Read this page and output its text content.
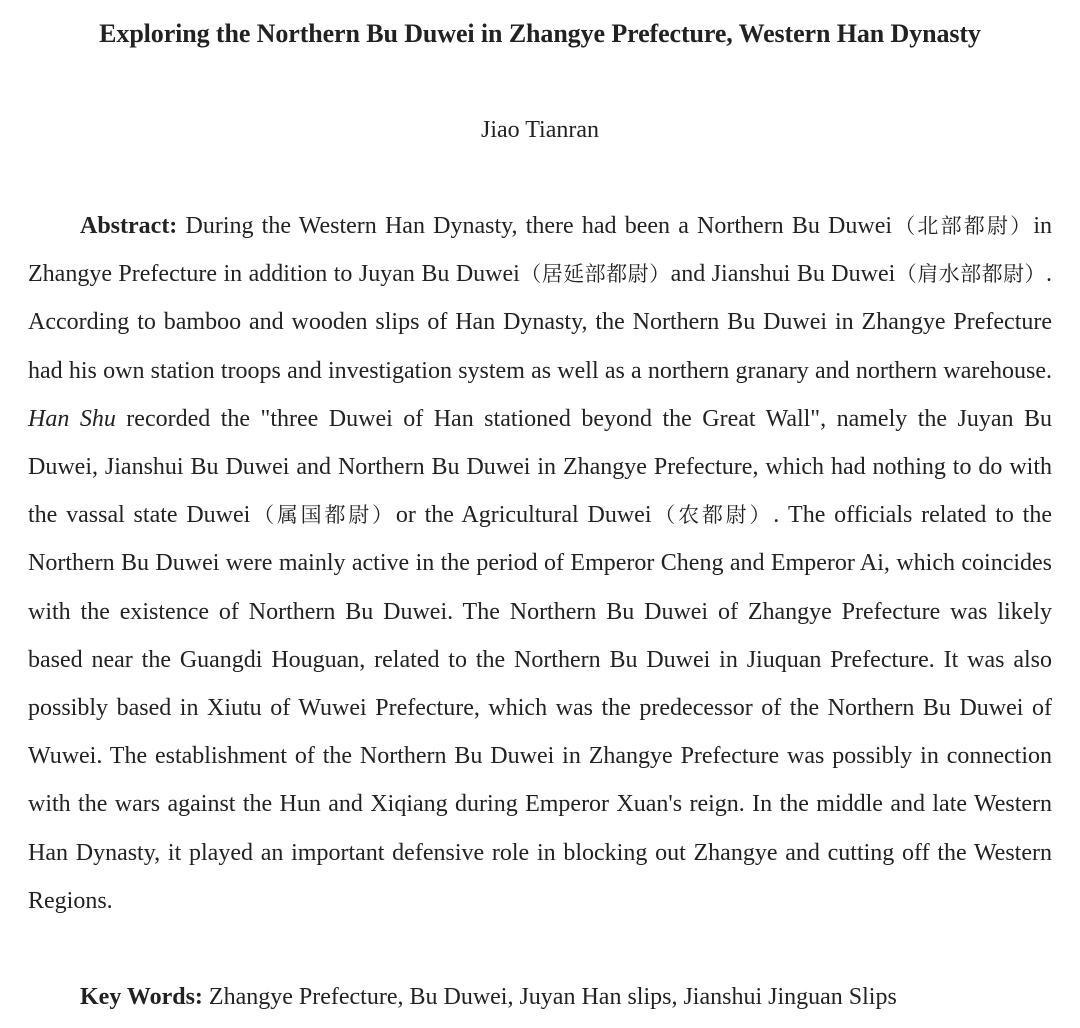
Exploring the Northern Bu Duwei in Zhangye Prefecture, Western Han Dynasty
Jiao Tianran

Abstract: During the Western Han Dynasty, there had been a Northern Bu Duwei（北部都尉）in Zhangye Prefecture in addition to Juyan Bu Duwei（居延部都尉）and Jianshui Bu Duwei（肩水部都尉）. According to bamboo and wooden slips of Han Dynasty, the Northern Bu Duwei in Zhangye Prefecture had his own station troops and investigation system as well as a northern granary and northern warehouse. Han Shu recorded the "three Duwei of Han stationed beyond the Great Wall", namely the Juyan Bu Duwei, Jianshui Bu Duwei and Northern Bu Duwei in Zhangye Prefecture, which had nothing to do with the vassal state Duwei（属国都尉）or the Agricultural Duwei（农都尉）. The officials related to the Northern Bu Duwei were mainly active in the period of Emperor Cheng and Emperor Ai, which coincides with the existence of Northern Bu Duwei. The Northern Bu Duwei of Zhangye Prefecture was likely based near the Guangdi Houguan, related to the Northern Bu Duwei in Jiuquan Prefecture. It was also possibly based in Xiutu of Wuwei Prefecture, which was the predecessor of the Northern Bu Duwei of Wuwei. The establishment of the Northern Bu Duwei in Zhangye Prefecture was possibly in connection with the wars against the Hun and Xiqiang during Emperor Xuan's reign. In the middle and late Western Han Dynasty, it played an important defensive role in blocking out Zhangye and cutting off the Western Regions.

Key Words: Zhangye Prefecture, Bu Duwei, Juyan Han slips, Jianshui Jinguan Slips
